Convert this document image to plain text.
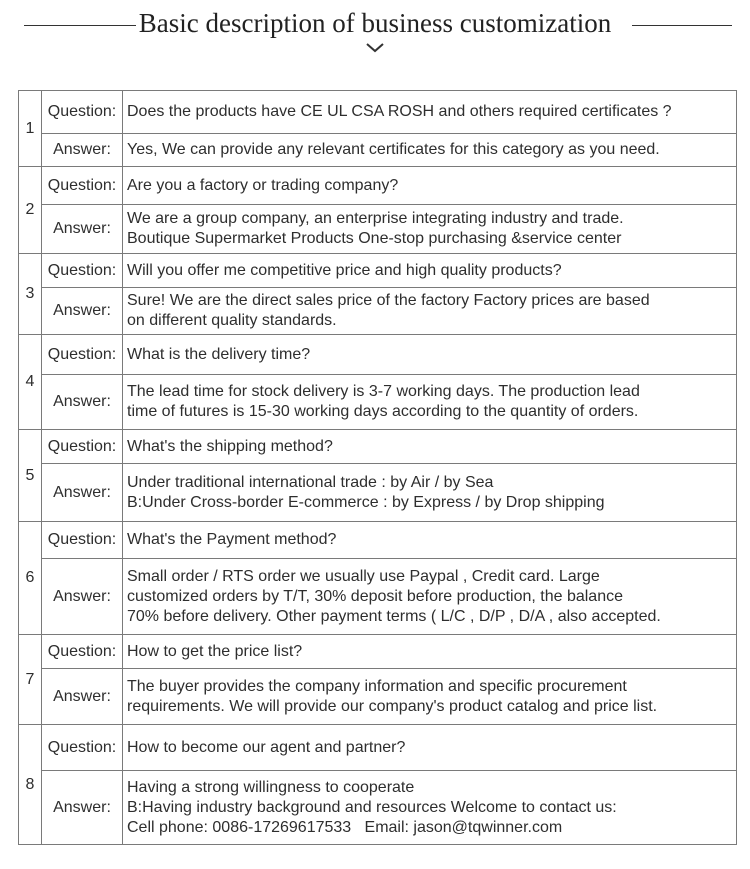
Basic description of business customization
1	Question:	Does the products have CE UL CSA ROSH and others required certificates ?
	Answer:	Yes, We can provide any relevant certificates for this category as you need.

2	Question:	Are you a factory or trading company?
	Answer:	We are a group company, an enterprise integrating industry and trade.
Boutique Supermarket Products One-stop purchasing &service center

3	Question:	Will you offer me competitive price and high quality products?
	Answer:	Sure! We are the direct sales price of the factory Factory prices are based
on different quality standards.

4	Question:	What is the delivery time?
	Answer:	The lead time for stock delivery is 3-7 working days. The production lead
time of futures is 15-30 working days according to the quantity of orders.

5	Question:	What's the shipping method?
	Answer:	Under traditional international trade : by Air / by Sea
B:Under Cross-border E-commerce : by Express / by Drop shipping

6	Question:	What's the Payment method?
	Answer:	Small order / RTS order we usually use Paypal , Credit card. Large
customized orders by T/T, 30% deposit before production, the balance
70% before delivery. Other payment terms ( L/C , D/P , D/A , also accepted.

7	Question:	How to get the price list?
	Answer:	The buyer provides the company information and specific procurement
requirements. We will provide our company's product catalog and price list.

8	Question:	How to become our agent and partner?
	Answer:	Having a strong willingness to cooperate
B:Having industry background and resources Welcome to contact us:
Cell phone: 0086-17269617533   Email: jason@tqwinner.com
